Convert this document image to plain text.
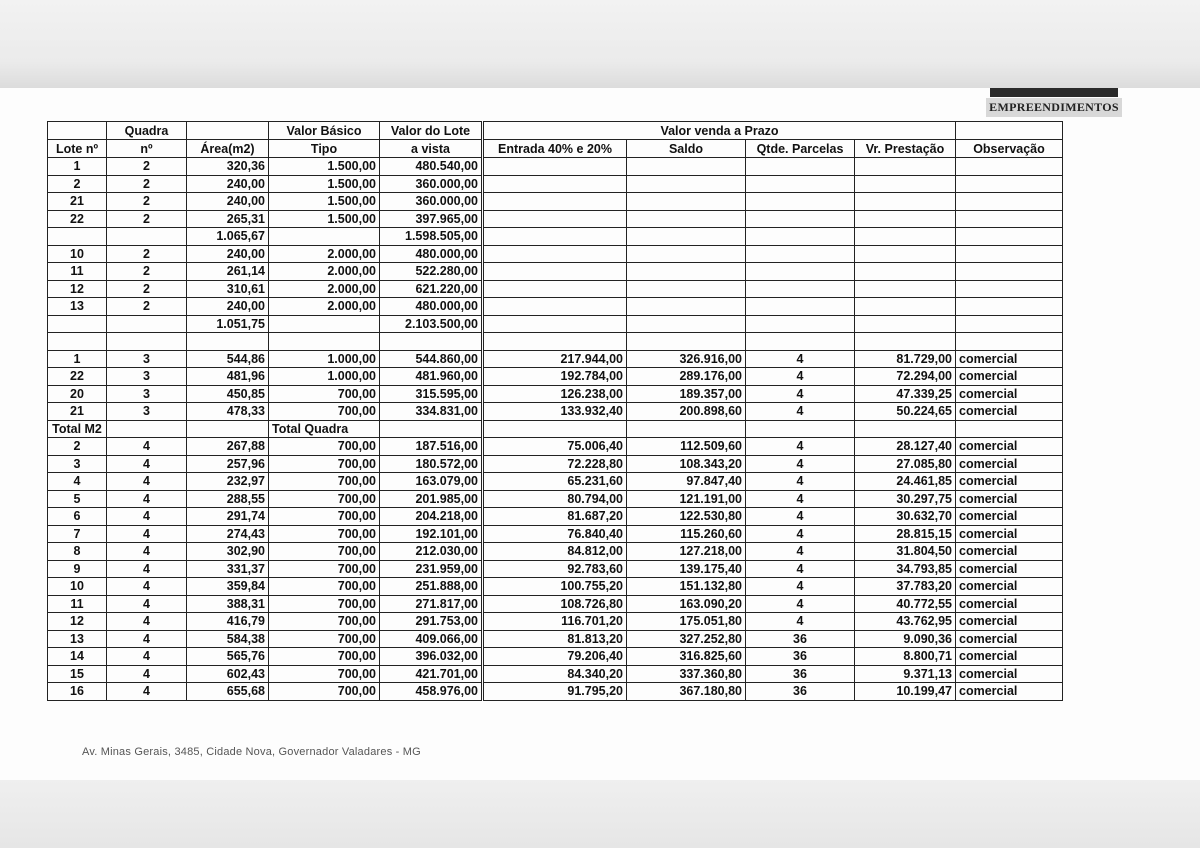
EMPREENDIMENTOS
	Quadra		Valor Básico	Valor do Lote	Valor venda a Prazo				
Lote nº	nº	Área(m2)	Tipo	a vista	Entrada 40% e 20%	Saldo	Qtde. Parcelas	Vr. Prestação	Observação
1	2	320,36	1.500,00	480.540,00					
2	2	240,00	1.500,00	360.000,00					
21	2	240,00	1.500,00	360.000,00					
22	2	265,31	1.500,00	397.965,00					
		1.065,67		1.598.505,00					
10	2	240,00	2.000,00	480.000,00					
11	2	261,14	2.000,00	522.280,00					
12	2	310,61	2.000,00	621.220,00					
13	2	240,00	2.000,00	480.000,00					
		1.051,75		2.103.500,00					

1	3	544,86	1.000,00	544.860,00	217.944,00	326.916,00	4	81.729,00	comercial
22	3	481,96	1.000,00	481.960,00	192.784,00	289.176,00	4	72.294,00	comercial
20	3	450,85	700,00	315.595,00	126.238,00	189.357,00	4	47.339,25	comercial
21	3	478,33	700,00	334.831,00	133.932,40	200.898,60	4	50.224,65	comercial
Total M2			Total Quadra						
2	4	267,88	700,00	187.516,00	75.006,40	112.509,60	4	28.127,40	comercial
3	4	257,96	700,00	180.572,00	72.228,80	108.343,20	4	27.085,80	comercial
4	4	232,97	700,00	163.079,00	65.231,60	97.847,40	4	24.461,85	comercial
5	4	288,55	700,00	201.985,00	80.794,00	121.191,00	4	30.297,75	comercial
6	4	291,74	700,00	204.218,00	81.687,20	122.530,80	4	30.632,70	comercial
7	4	274,43	700,00	192.101,00	76.840,40	115.260,60	4	28.815,15	comercial
8	4	302,90	700,00	212.030,00	84.812,00	127.218,00	4	31.804,50	comercial
9	4	331,37	700,00	231.959,00	92.783,60	139.175,40	4	34.793,85	comercial
10	4	359,84	700,00	251.888,00	100.755,20	151.132,80	4	37.783,20	comercial
11	4	388,31	700,00	271.817,00	108.726,80	163.090,20	4	40.772,55	comercial
12	4	416,79	700,00	291.753,00	116.701,20	175.051,80	4	43.762,95	comercial
13	4	584,38	700,00	409.066,00	81.813,20	327.252,80	36	9.090,36	comercial
14	4	565,76	700,00	396.032,00	79.206,40	316.825,60	36	8.800,71	comercial
15	4	602,43	700,00	421.701,00	84.340,20	337.360,80	36	9.371,13	comercial
16	4	655,68	700,00	458.976,00	91.795,20	367.180,80	36	10.199,47	comercial
Av. Minas Gerais, 3485, Cidade Nova, Governador Valadares - MG
